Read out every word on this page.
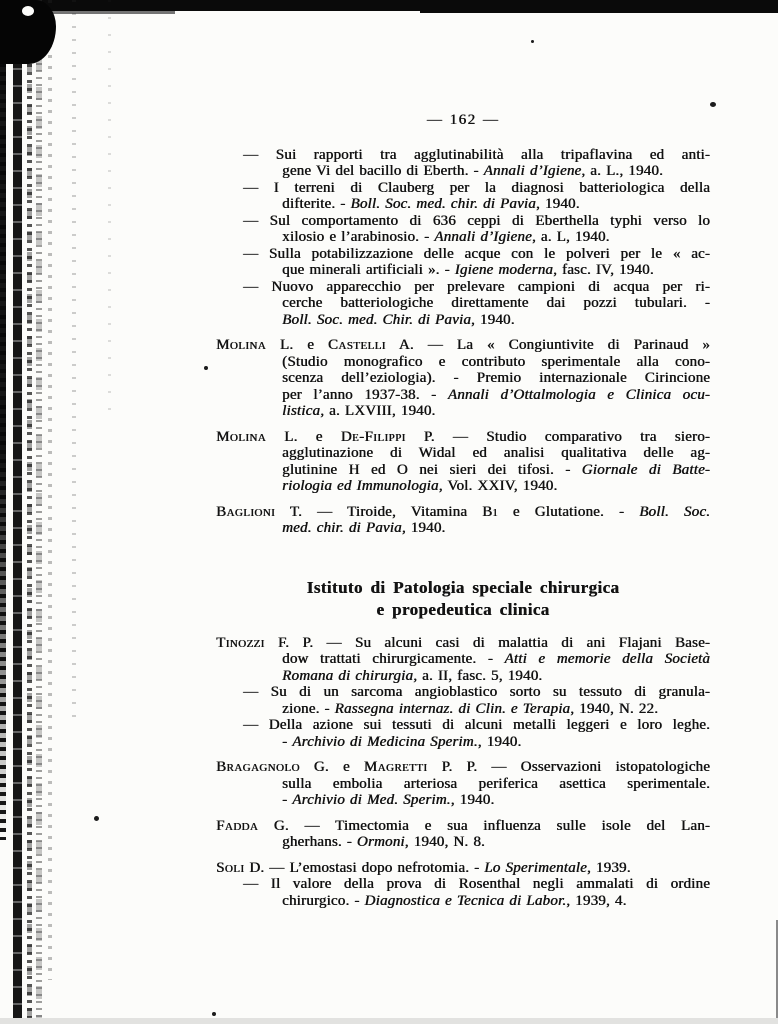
— 162 —

— Sui rapporti tra agglutinabilità alla tripaflavina ed anti-
gene Vi del bacillo di Eberth. - Annali d’Igiene, a. L., 1940.

— I terreni di Clauberg per la diagnosi batteriologica della
difterite. - Boll. Soc. med. chir. di Pavia, 1940.

— Sul comportamento di 636 ceppi di Eberthella typhi verso lo
xilosio e l’arabinosio. - Annali d’Igiene, a. L, 1940.

— Sulla potabilizzazione delle acque con le polveri per le « ac-
que minerali artificiali ». - Igiene moderna, fasc. IV, 1940.

— Nuovo apparecchio per prelevare campioni di acqua per ri-
cerche batteriologiche direttamente dai pozzi tubulari. -
Boll. Soc. med. Chir. di Pavia, 1940.

Molina L. e Castelli A. — La « Congiuntivite di Parinaud »
(Studio monografico e contributo sperimentale alla cono-
scenza dell’eziologia). - Premio internazionale Cirincione
per l’anno 1937-38. - Annali d’Ottalmologia e Clinica ocu-
listica, a. LXVIII, 1940.

Molina L. e De-Filippi P. — Studio comparativo tra siero-
agglutinazione di Widal ed analisi qualitativa delle ag-
glutinine H ed O nei sieri dei tifosi. - Giornale di Batte-
riologia ed Immunologia, Vol. XXIV, 1940.

Baglioni T. — Tiroide, Vitamina $B_1$ e Glutatione. - Boll. Soc.
med. chir. di Pavia, 1940.

Istituto di Patologia speciale chirurgica
e propedeutica clinica

Tinozzi F. P. — Su alcuni casi di malattia di ani Flajani Base-
dow trattati chirurgicamente. - Atti e memorie della Società
Romana di chirurgia, a. II, fasc. 5, 1940.

— Su di un sarcoma angioblastico sorto su tessuto di granula-
zione. - Rassegna internaz. di Clin. e Terapia, 1940, N. 22.

— Della azione sui tessuti di alcuni metalli leggeri e loro leghe.
- Archivio di Medicina Sperim., 1940.

Bragagnolo G. e Magretti P. P. — Osservazioni istopatologiche
sulla embolia arteriosa periferica asettica sperimentale.
- Archivio di Med. Sperim., 1940.

Fadda G. — Timectomia e sua influenza sulle isole del Lan-
gherhans. - Ormoni, 1940, N. 8.

Soli D. — L’emostasi dopo nefrotomia. - Lo Sperimentale, 1939.

— Il valore della prova di Rosenthal negli ammalati di ordine
chirurgico. - Diagnostica e Tecnica di Labor., 1939, 4.
